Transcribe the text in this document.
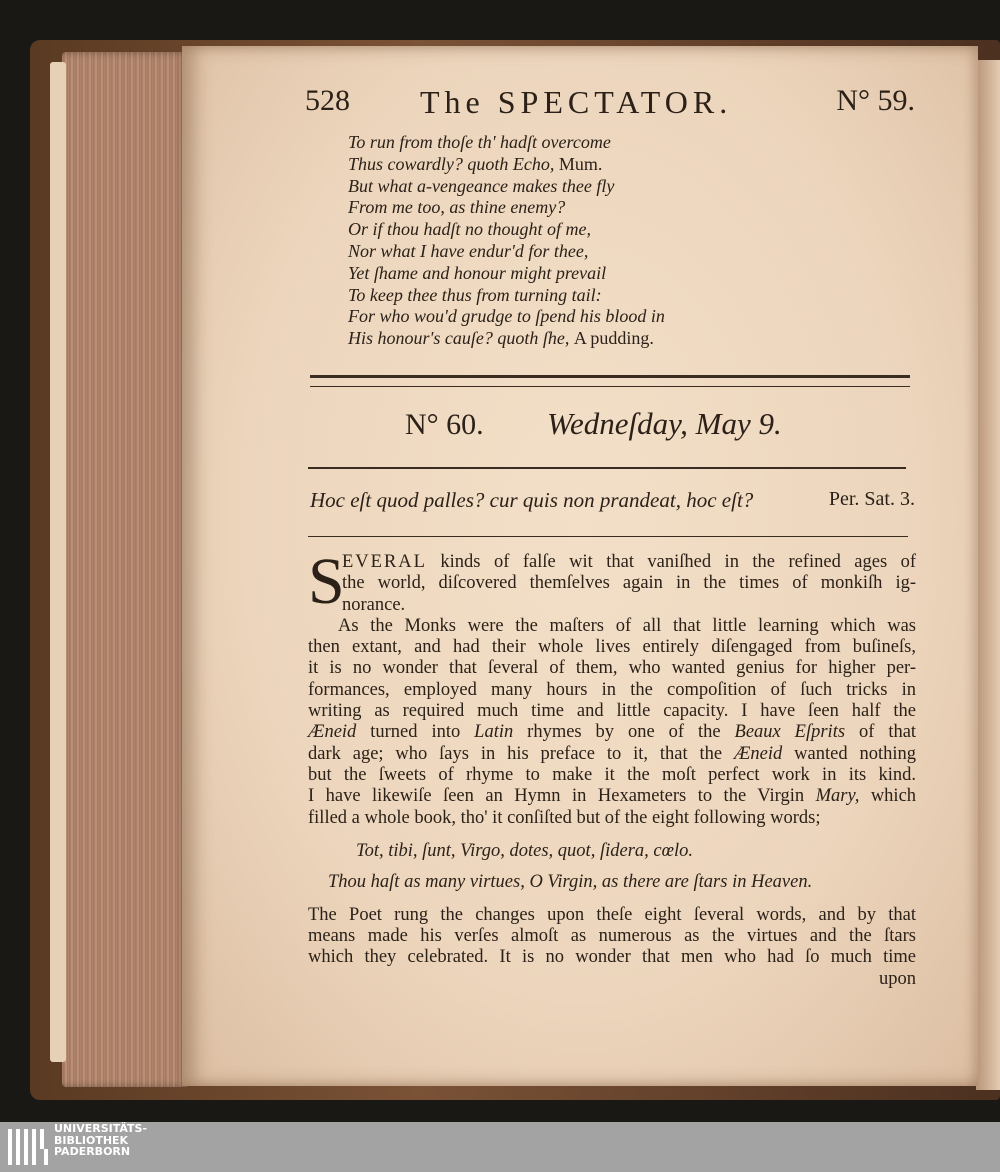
528 The SPECTATOR.	N° 59.
To run from thoſe th' hadſt overcome
Thus cowardly? quoth Echo, Mum.
But what a-vengeance makes thee fly
From me too, as thine enemy?
Or if thou hadſt no thought of me,
Nor what I have endur'd for thee,
Yet ſhame and honour might prevail
To keep thee thus from turning tail:
For who wou'd grudge to ſpend his blood in
His honour's cauſe? quoth ſhe, A pudding.
N° 60. Wedneſday, May 9.
Hoc eſt quod palles? cur quis non prandeat, hoc eſt?	Per. Sat. 3.
S
EVERAL kinds of falſe wit that vaniſhed in the refined ages of
the world, diſcovered themſelves again in the times of monkiſh ig-
norance.
As the Monks were the maſters of all that little learning which was
then extant, and had their whole lives entirely diſengaged from buſineſs,
it is no wonder that ſeveral of them, who wanted genius for higher per-
formances, employed many hours in the compoſition of ſuch tricks in
writing as required much time and little capacity. I have ſeen half the
Æneid turned into Latin rhymes by one of the Beaux Eſprits of that
dark age; who ſays in his preface to it, that the Æneid wanted nothing
but the ſweets of rhyme to make it the moſt perfect work in its kind.
I have likewiſe ſeen an Hymn in Hexameters to the Virgin Mary, which
filled a whole book, tho' it conſiſted but of the eight following words;
Tot, tibi, ſunt, Virgo, dotes, quot, ſidera, cœlo.
Thou haſt as many virtues, O Virgin, as there are ſtars in Heaven.
The Poet rung the changes upon theſe eight ſeveral words, and by that
means made his verſes almoſt as numerous as the virtues and the ſtars
which they celebrated. It is no wonder that men who had ſo much time
upon
UNIVERSITÄTS-
BIBLIOTHEK
PADERBORN
